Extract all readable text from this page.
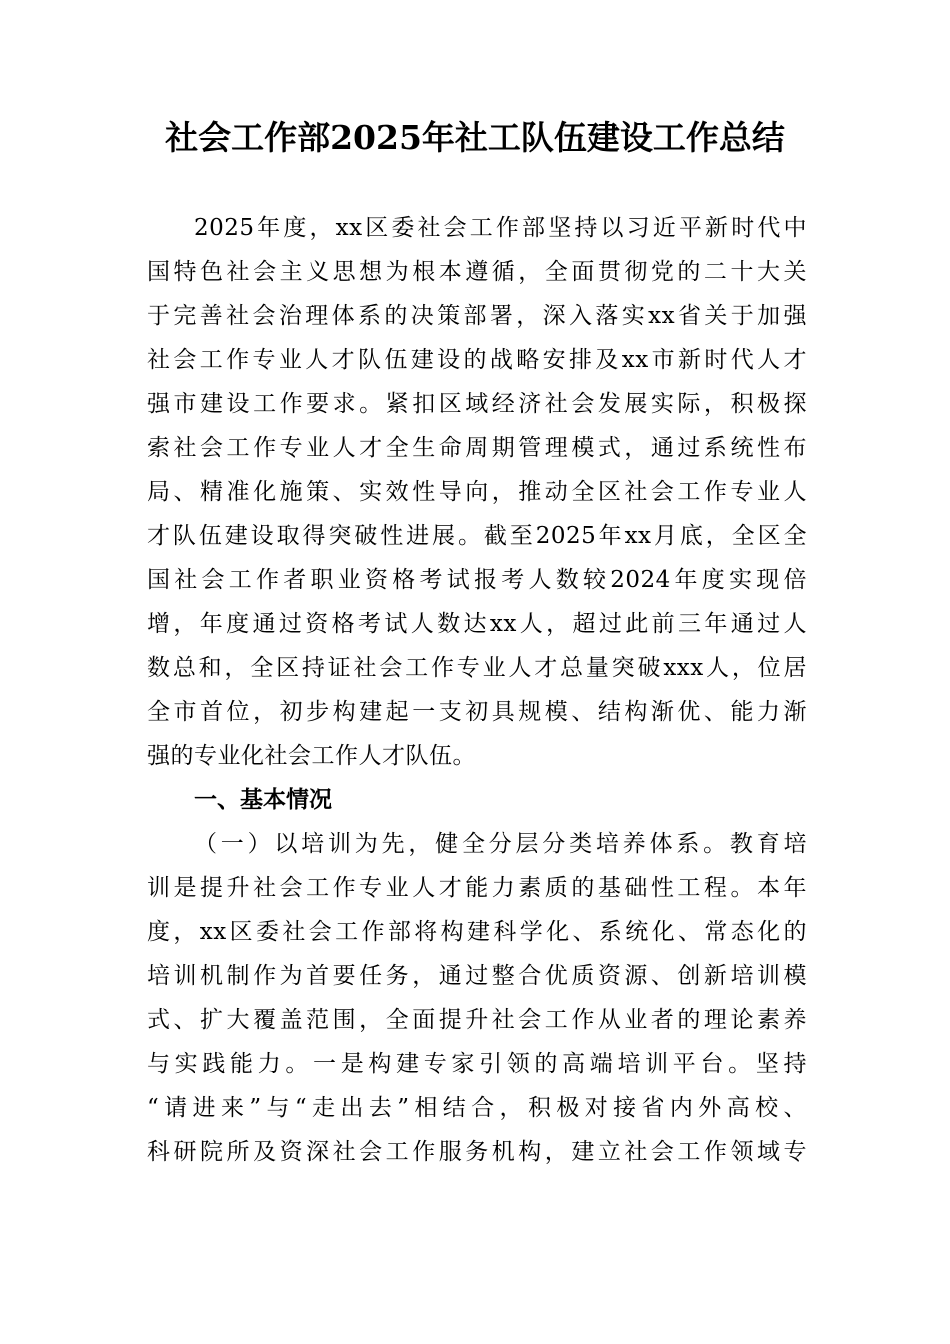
社会工作部2025年社工队伍建设工作总结
2025年度，xx区委社会工作部坚持以习近平新时代中
国特色社会主义思想为根本遵循，全面贯彻党的二十大关
于完善社会治理体系的决策部署，深入落实xx省关于加强
社会工作专业人才队伍建设的战略安排及xx市新时代人才
强市建设工作要求。紧扣区域经济社会发展实际，积极探
索社会工作专业人才全生命周期管理模式，通过系统性布
局、精准化施策、实效性导向，推动全区社会工作专业人
才队伍建设取得突破性进展。截至2025年xx月底，全区全
国社会工作者职业资格考试报考人数较2024年度实现倍
增，年度通过资格考试人数达xx人，超过此前三年通过人
数总和，全区持证社会工作专业人才总量突破xxx人，位居
全市首位，初步构建起一支初具规模、结构渐优、能力渐
强的专业化社会工作人才队伍。
一、基本情况
（一）以培训为先，健全分层分类培养体系。教育培
训是提升社会工作专业人才能力素质的基础性工程。本年
度，xx区委社会工作部将构建科学化、系统化、常态化的
培训机制作为首要任务，通过整合优质资源、创新培训模
式、扩大覆盖范围，全面提升社会工作从业者的理论素养
与实践能力。一是构建专家引领的高端培训平台。坚持
“请进来”与“走出去”相结合，积极对接省内外高校、
科研院所及资深社会工作服务机构，建立社会工作领域专
